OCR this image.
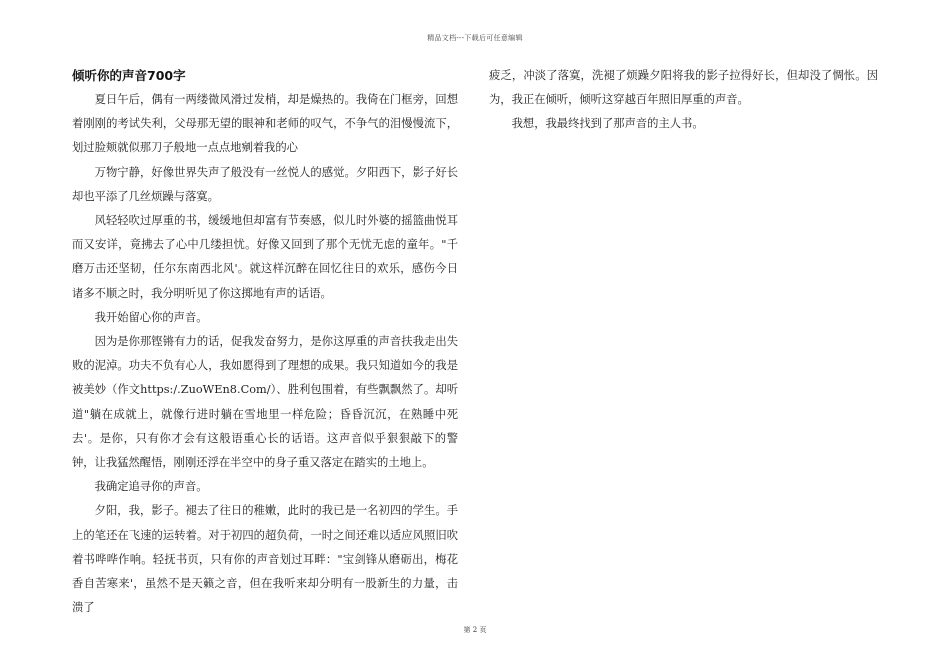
精品文档---下载后可任意编辑
倾听你的声音700字

夏日午后，偶有一两缕微风滑过发梢，却是燥热的。我倚在门框旁，回想着刚刚的考试失利，父母那无望的眼神和老师的叹气，不争气的泪慢慢流下，划过脸颊就似那刀子般地一点点地剜着我的心

万物宁静，好像世界失声了般没有一丝悦人的感觉。夕阳西下，影子好长却也平添了几丝烦躁与落寞。

风轻轻吹过厚重的书，缓缓地但却富有节奏感，似儿时外婆的摇篮曲悦耳而又安详，竟拂去了心中几缕担忧。好像又回到了那个无忧无虑的童年。"千磨万击还坚韧，任尔东南西北风'。就这样沉醉在回忆往日的欢乐，感伤今日诸多不顺之时，我分明听见了你这掷地有声的话语。

我开始留心你的声音。

因为是你那铿锵有力的话，促我发奋努力，是你这厚重的声音扶我走出失败的泥淖。功夫不负有心人，我如愿得到了理想的成果。我只知道如今的我是被美妙（作文https:/.ZuoWEn8.Com/）、胜利包围着，有些飘飘然了。却听道"躺在成就上，就像行进时躺在雪地里一样危险；昏昏沉沉，在熟睡中死去'。是你，只有你才会有这般语重心长的话语。这声音似乎狠狠敲下的警钟，让我猛然醒悟，刚刚还浮在半空中的身子重又落定在踏实的土地上。

我确定追寻你的声音。

夕阳，我，影子。褪去了往日的稚嫩，此时的我已是一名初四的学生。手上的笔还在飞速的运转着。对于初四的超负荷，一时之间还难以适应风照旧吹着书哗哗作响。轻抚书页，只有你的声音划过耳畔："宝剑锋从磨砺出，梅花香自苦寒来'，虽然不是天籁之音，但在我听来却分明有一股新生的力量，击溃了

疲乏，冲淡了落寞，洗褪了烦躁夕阳将我的影子拉得好长，但却没了惆怅。因为，我正在倾听，倾听这穿越百年照旧厚重的声音。

我想，我最终找到了那声音的主人书。

第 2 页
